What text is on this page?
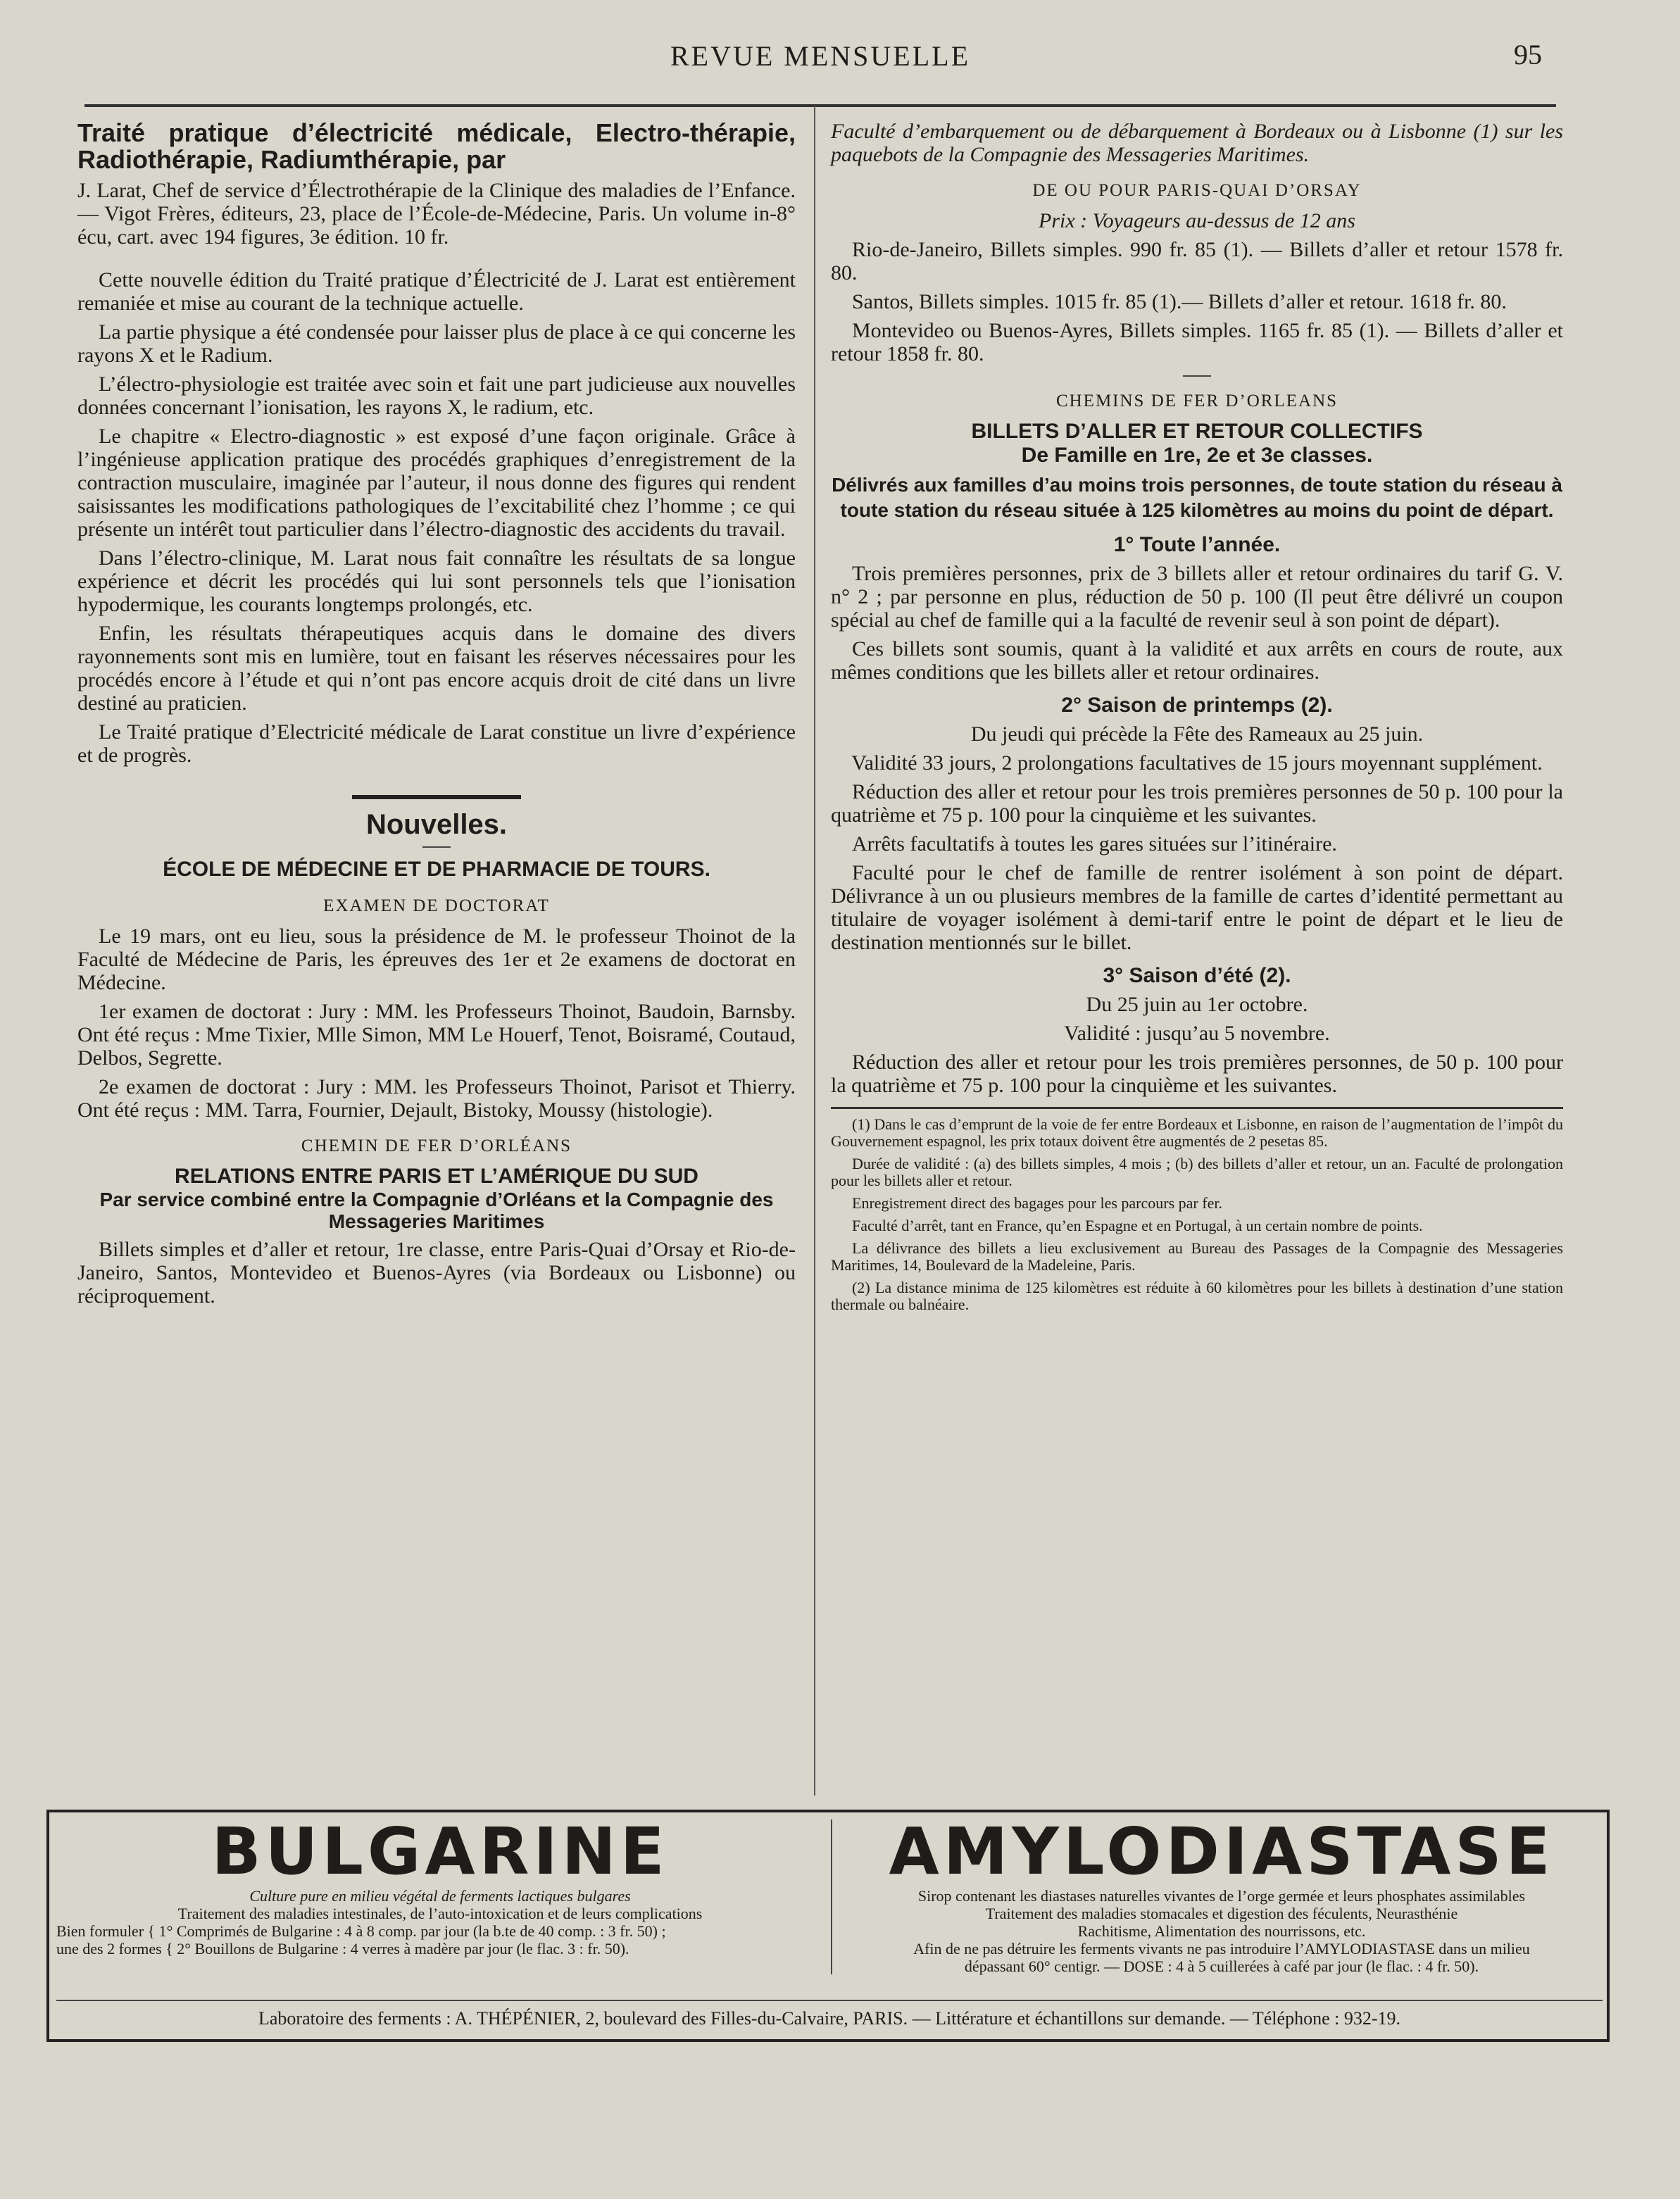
REVUE MENSUELLE	95

Traité pratique d’électricité médicale, Electro-thérapie, Radiothérapie, Radiumthérapie, par

J. Larat, Chef de service d’Électrothérapie de la Clinique des maladies de l’Enfance. — Vigot Frères, éditeurs, 23, place de l’École-de-Médecine, Paris. Un volume in-8° écu, cart. avec 194 figures, 3e édition. 10 fr.

Cette nouvelle édition du Traité pratique d’Électricité de J. Larat est entièrement remaniée et mise au courant de la technique actuelle.

La partie physique a été condensée pour laisser plus de place à ce qui concerne les rayons X et le Radium.

L’électro-physiologie est traitée avec soin et fait une part judicieuse aux nouvelles données concernant l’ionisation, les rayons X, le radium, etc.

Le chapitre « Electro-diagnostic » est exposé d’une façon originale. Grâce à l’ingénieuse application pratique des procédés graphiques d’enregistrement de la contraction musculaire, imaginée par l’auteur, il nous donne des figures qui rendent saisissantes les modifications pathologiques de l’excitabilité chez l’homme ; ce qui présente un intérêt tout particulier dans l’électro-diagnostic des accidents du travail.

Dans l’électro-clinique, M. Larat nous fait connaître les résultats de sa longue expérience et décrit les procédés qui lui sont personnels tels que l’ionisation hypodermique, les courants longtemps prolongés, etc.

Enfin, les résultats thérapeutiques acquis dans le domaine des divers rayonnements sont mis en lumière, tout en faisant les réserves nécessaires pour les procédés encore à l’étude et qui n’ont pas encore acquis droit de cité dans un livre destiné au praticien.

Le Traité pratique d’Electricité médicale de Larat constitue un livre d’expérience et de progrès.

Nouvelles.
ÉCOLE DE MÉDECINE ET DE PHARMACIE DE TOURS.
EXAMEN DE DOCTORAT

Le 19 mars, ont eu lieu, sous la présidence de M. le professeur Thoinot de la Faculté de Médecine de Paris, les épreuves des 1er et 2e examens de doctorat en Médecine.

1er examen de doctorat : Jury : MM. les Professeurs Thoinot, Baudoin, Barnsby. Ont été reçus : Mme Tixier, Mlle Simon, MM Le Houerf, Tenot, Boisramé, Coutaud, Delbos, Segrette.

2e examen de doctorat : Jury : MM. les Professeurs Thoinot, Parisot et Thierry. Ont été reçus : MM. Tarra, Fournier, Dejault, Bistoky, Moussy (histologie).

CHEMIN DE FER D’ORLÉANS
RELATIONS ENTRE PARIS ET L’AMÉRIQUE DU SUD

Par service combiné entre la Compagnie d’Orléans et la Compagnie des Messageries Maritimes

Billets simples et d’aller et retour, 1re classe, entre Paris-Quai d’Orsay et Rio-de-Janeiro, Santos, Montevideo et Buenos-Ayres (via Bordeaux ou Lisbonne) ou réciproquement.

Faculté d’embarquement ou de débarquement à Bordeaux ou à Lisbonne (1) sur les paquebots de la Compagnie des Messageries Maritimes.

DE OU POUR PARIS-QUAI D’ORSAY

Prix : Voyageurs au-dessus de 12 ans

Rio-de-Janeiro, Billets simples. 990 fr. 85 (1). — Billets d’aller et retour 1578 fr. 80.

Santos, Billets simples. 1015 fr. 85 (1).— Billets d’aller et retour. 1618 fr. 80.

Montevideo ou Buenos-Ayres, Billets simples. 1165 fr. 85 (1). — Billets d’aller et retour 1858 fr. 80.

CHEMINS DE FER D’ORLEANS
BILLETS D’ALLER ET RETOUR COLLECTIFS

De Famille en 1re, 2e et 3e classes.

Délivrés aux familles d’au moins trois personnes, de toute station du réseau à toute station du réseau située à 125 kilomètres au moins du point de départ.

1° Toute l’année.

Trois premières personnes, prix de 3 billets aller et retour ordinaires du tarif G. V. n° 2 ; par personne en plus, réduction de 50 p. 100 (Il peut être délivré un coupon spécial au chef de famille qui a la faculté de revenir seul à son point de départ).

Ces billets sont soumis, quant à la validité et aux arrêts en cours de route, aux mêmes conditions que les billets aller et retour ordinaires.

2° Saison de printemps (2).

Du jeudi qui précède la Fête des Rameaux au 25 juin.

Validité 33 jours, 2 prolongations facultatives de 15 jours moyennant supplément.

Réduction des aller et retour pour les trois premières personnes de 50 p. 100 pour la quatrième et 75 p. 100 pour la cinquième et les suivantes.

Arrêts facultatifs à toutes les gares situées sur l’itinéraire.

Faculté pour le chef de famille de rentrer isolément à son point de départ. Délivrance à un ou plusieurs membres de la famille de cartes d’identité permettant au titulaire de voyager isolément à demi-tarif entre le point de départ et le lieu de destination mentionnés sur le billet.

3° Saison d’été (2).

Du 25 juin au 1er octobre.

Validité : jusqu’au 5 novembre.

Réduction des aller et retour pour les trois premières personnes, de 50 p. 100 pour la quatrième et 75 p. 100 pour la cinquième et les suivantes.

(1) Dans le cas d’emprunt de la voie de fer entre Bordeaux et Lisbonne, en raison de l’augmentation de l’impôt du Gouvernement espagnol, les prix totaux doivent être augmentés de 2 pesetas 85.

Durée de validité : (a) des billets simples, 4 mois ; (b) des billets d’aller et retour, un an. Faculté de prolongation pour les billets aller et retour.

Enregistrement direct des bagages pour les parcours par fer.

Faculté d’arrêt, tant en France, qu’en Espagne et en Portugal, à un certain nombre de points.

La délivrance des billets a lieu exclusivement au Bureau des Passages de la Compagnie des Messageries Maritimes, 14, Boulevard de la Madeleine, Paris.

(2) La distance minima de 125 kilomètres est réduite à 60 kilomètres pour les billets à destination d’une station thermale ou balnéaire.

BULGARINE
Culture pure en milieu végétal de ferments lactiques bulgares
Traitement des maladies intestinales, de l’auto-intoxication et de leurs complications
Bien formuler { 1° Comprimés de Bulgarine : 4 à 8 comp. par jour (la b.te de 40 comp. : 3 fr. 50) ;
une des 2 formes { 2° Bouillons de Bulgarine : 4 verres à madère par jour (le flac. 3 : fr. 50).
AMYLODIASTASE
Sirop contenant les diastases naturelles vivantes de l’orge germée et leurs phosphates assimilables
Traitement des maladies stomacales et digestion des féculents, Neurasthénie
Rachitisme, Alimentation des nourrissons, etc.
Afin de ne pas détruire les ferments vivants ne pas introduire l’AMYLODIASTASE dans un milieu
dépassant 60° centigr. — DOSE : 4 à 5 cuillerées à café par jour (le flac. : 4 fr. 50).
Laboratoire des ferments : A. THÉPÉNIER, 2, boulevard des Filles-du-Calvaire, PARIS. — Littérature et échantillons sur demande. — Téléphone : 932-19.
